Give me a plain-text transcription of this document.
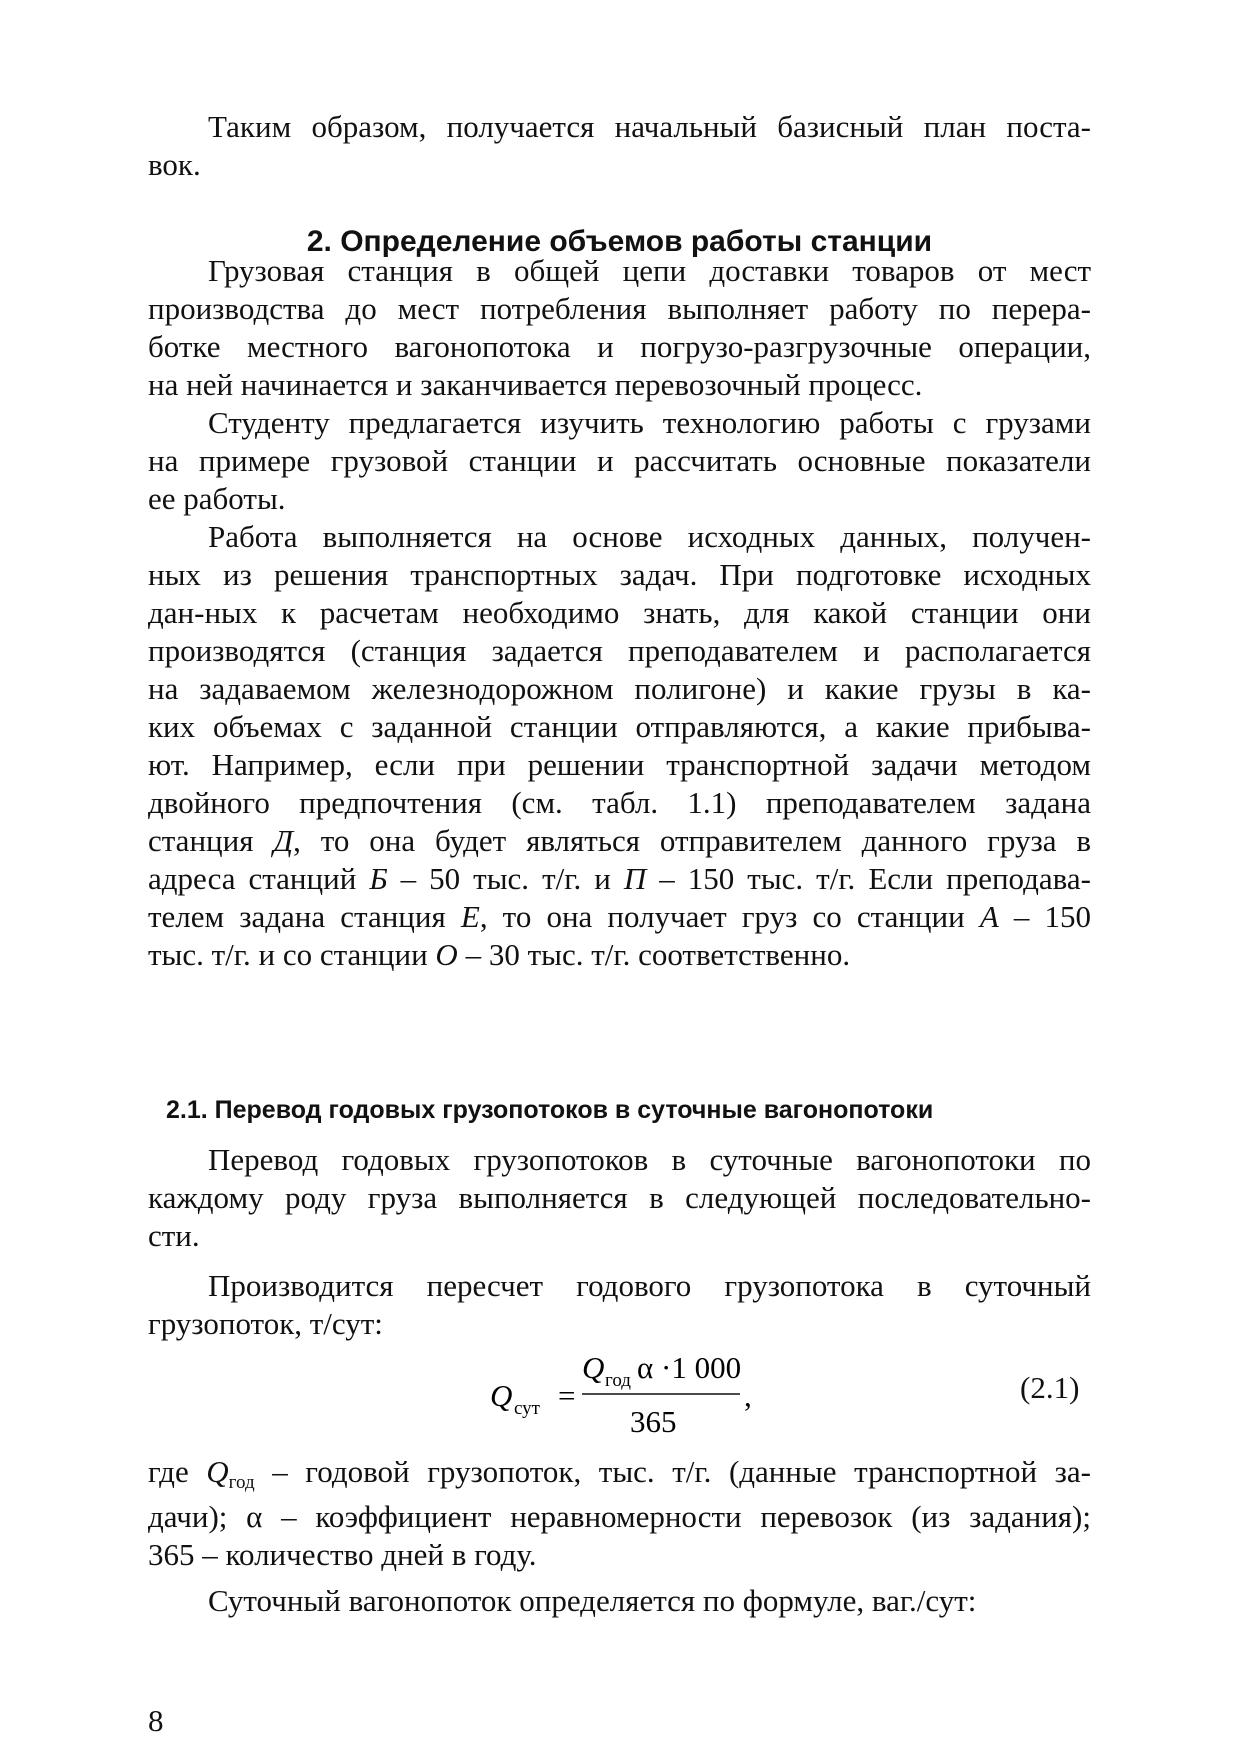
Таким образом, получается начальный базисный план поста-
вок.
2. Определение объемов работы станции
Грузовая станция в общей цепи доставки товаров от мест
производства до мест потребления выполняет работу по перера-
ботке местного вагонопотока и погрузо-разгрузочные операции,
на ней начинается и заканчивается перевозочный процесс.
Студенту предлагается изучить технологию работы с грузами
на примере грузовой станции и рассчитать основные показатели
ее работы.
Работа выполняется на основе исходных данных, получен-
ных из решения транспортных задач. При подготовке исходных
дан-ных к расчетам необходимо знать, для какой станции они
производятся (станция задается преподавателем и располагается
на задаваемом железнодорожном полигоне) и какие грузы в ка-
ких объемах с заданной станции отправляются, а какие прибыва-
ют. Например, если при решении транспортной задачи методом
двойного предпочтения (см. табл. 1.1) преподавателем задана
станция Д, то она будет являться отправителем данного груза в
адреса станций Б – 50 тыс. т/г. и П – 150 тыс. т/г. Если преподава-
телем задана станция Е, то она получает груз со станции А – 150
тыс. т/г. и со станции О – 30 тыс. т/г. соответственно.
2.1. Перевод годовых грузопотоков в суточные вагонопотоки
Перевод годовых грузопотоков в суточные вагонопотоки по
каждому роду груза выполняется в следующей последовательно-
сти.
Производится пересчет годового грузопотока в суточный
грузопоток, т/сут:
Q сут =
Q год α ·1 000
365
,	(2.1)
где $Q_{год}$ – годовой грузопоток, тыс. т/г. (данные транспортной за-
дачи); α – коэффициент неравномерности перевозок (из задания);
365 – количество дней в году.
Суточный вагонопоток определяется по формуле, ваг./сут:
8
